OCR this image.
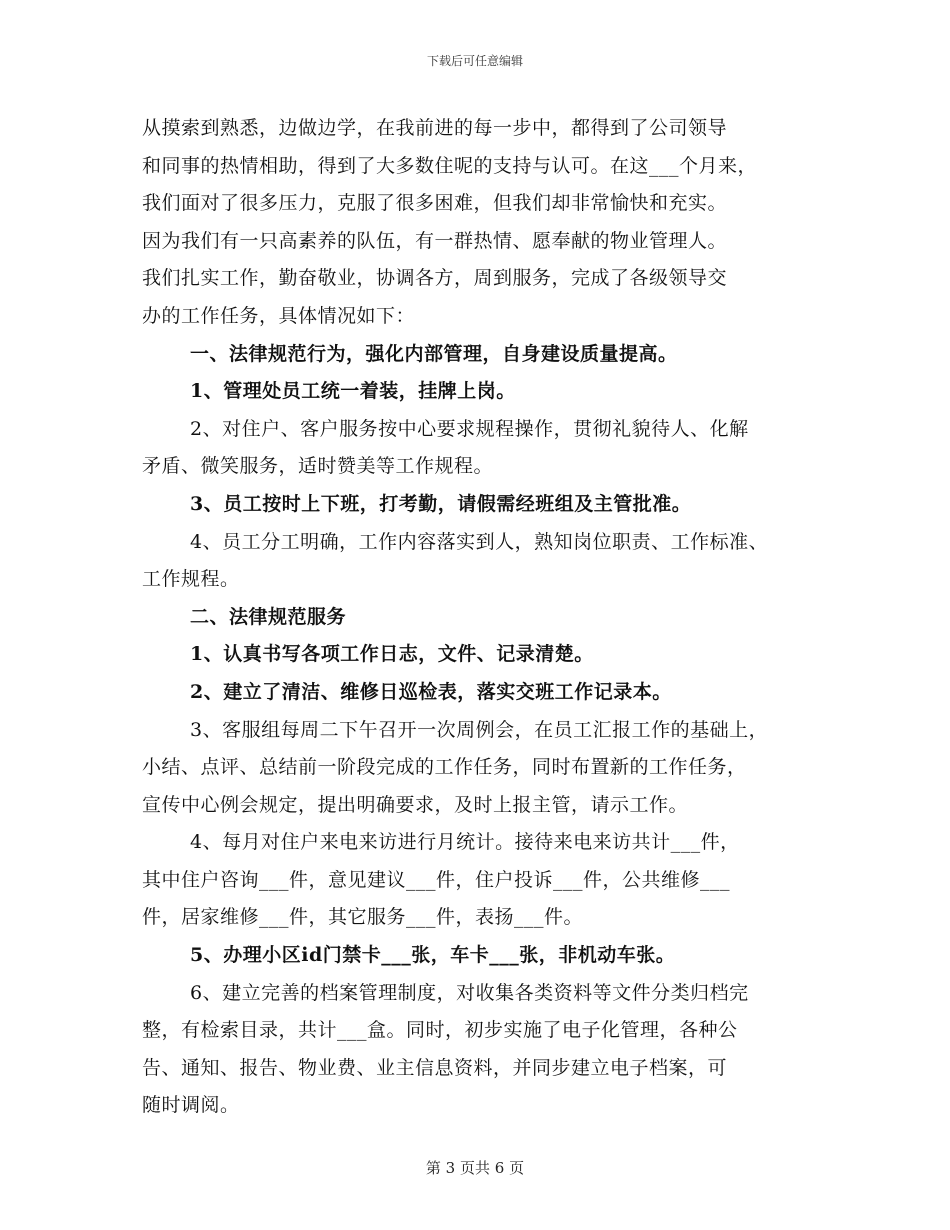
下载后可任意编辑
从摸索到熟悉，边做边学，在我前进的每一步中，都得到了公司领导
和同事的热情相助，得到了大多数住呢的支持与认可。在这___个月来，
我们面对了很多压力，克服了很多困难，但我们却非常愉快和充实。
因为我们有一只高素养的队伍，有一群热情、愿奉献的物业管理人。
我们扎实工作，勤奋敬业，协调各方，周到服务，完成了各级领导交
办的工作任务，具体情况如下：
一、法律规范行为，强化内部管理，自身建设质量提高。
1、管理处员工统一着装，挂牌上岗。
2、对住户、客户服务按中心要求规程操作，贯彻礼貌待人、化解
矛盾、微笑服务，适时赞美等工作规程。
3、员工按时上下班，打考勤，请假需经班组及主管批准。
4、员工分工明确，工作内容落实到人，熟知岗位职责、工作标准、
工作规程。
二、法律规范服务
1、认真书写各项工作日志，文件、记录清楚。
2、建立了清洁、维修日巡检表，落实交班工作记录本。
3、客服组每周二下午召开一次周例会，在员工汇报工作的基础上，
小结、点评、总结前一阶段完成的工作任务，同时布置新的工作任务，
宣传中心例会规定，提出明确要求，及时上报主管，请示工作。
4、每月对住户来电来访进行月统计。接待来电来访共计___件，
其中住户咨询___件，意见建议___件，住户投诉___件，公共维修___
件，居家维修___件，其它服务___件，表扬___件。
5、办理小区id门禁卡___张，车卡___张，非机动车张。
6、建立完善的档案管理制度，对收集各类资料等文件分类归档完
整，有检索目录，共计___盒。同时，初步实施了电子化管理，各种公
告、通知、报告、物业费、业主信息资料，并同步建立电子档案，可
随时调阅。
第 3 页共 6 页
